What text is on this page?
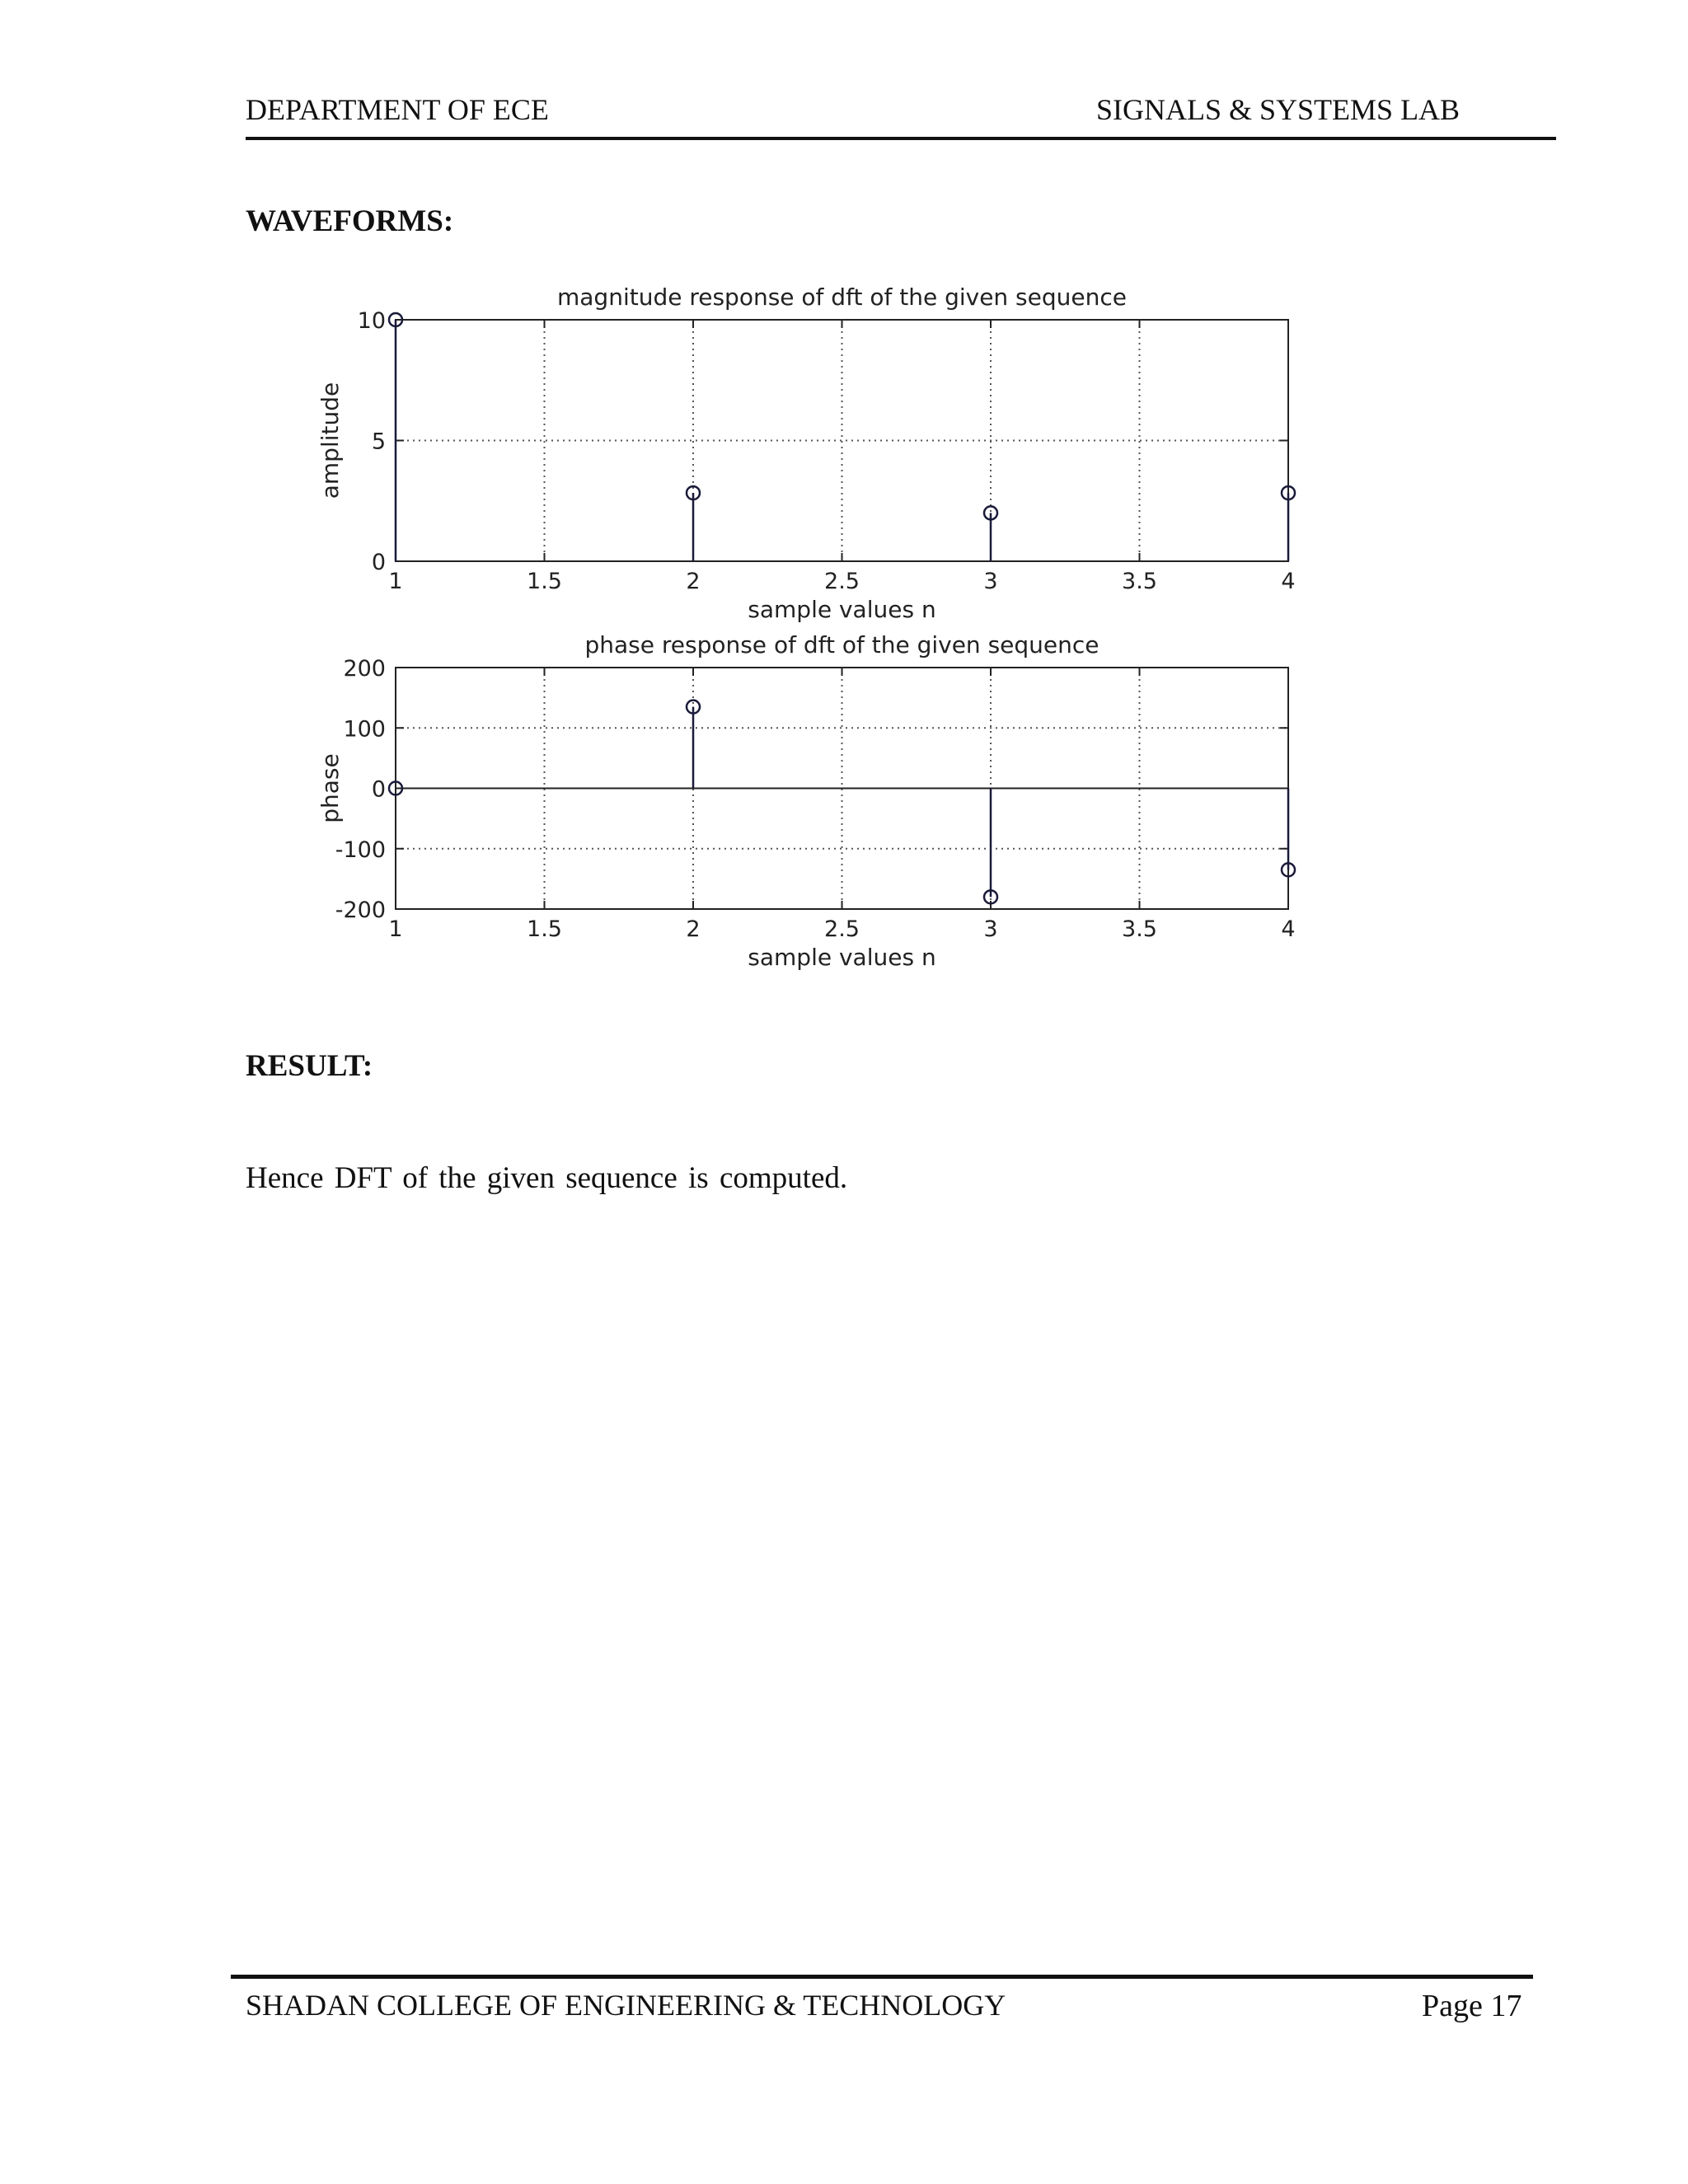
DEPARTMENT OF ECE	SIGNALS & SYSTEMS LAB
WAVEFORMS:
1	1.5	2	2.5	3	3.5	4
0
5
10
magnitude response of dft of the given sequence
sample values n
amplitude
1	1.5	2	2.5	3	3.5	4
-200
-100
0
100
200
phase response of dft of the given sequence
sample values n
phase
RESULT:
Hence DFT of the given sequence is computed.
SHADAN COLLEGE OF ENGINEERING & TECHNOLOGY	Page 17
